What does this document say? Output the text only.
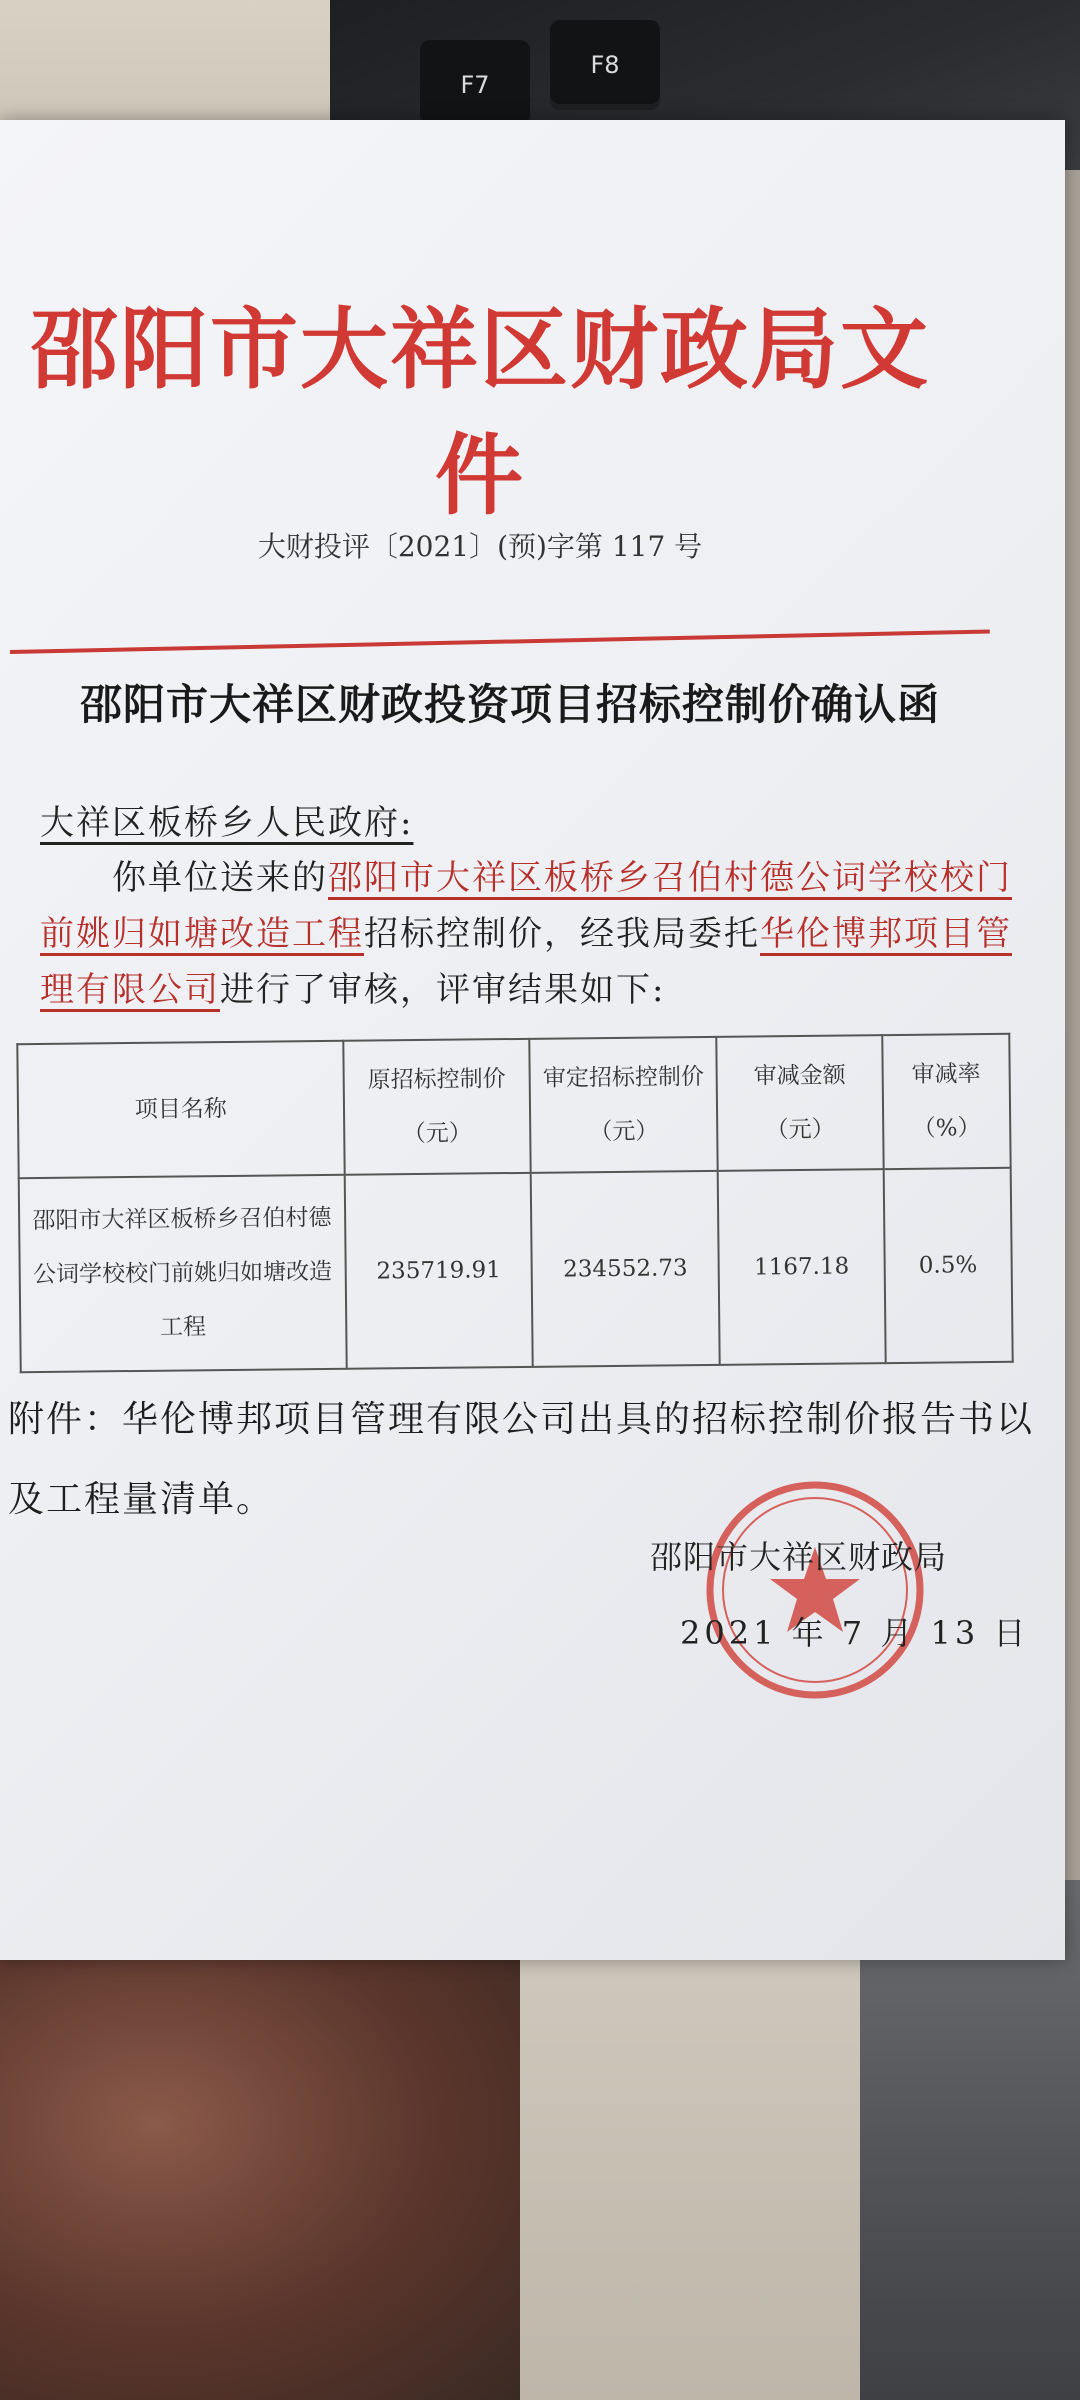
F7
F8
邵阳市大祥区财政局文件
大财投评〔2021〕(预)字第 117 号
邵阳市大祥区财政投资项目招标控制价确认函
大祥区板桥乡人民政府:
你单位送来的邵阳市大祥区板桥乡召伯村德公词学校校门前姚归如塘改造工程招标控制价，经我局委托华伦博邦项目管理有限公司进行了审核，评审结果如下:
项目名称	原招标控制价（元）	审定招标控制价（元）	审减金额（元）	审减率（%）
邵阳市大祥区板桥乡召伯村德公词学校校门前姚归如塘改造工程	235719.91	234552.73	1167.18	0.5%
附件：华伦博邦项目管理有限公司出具的招标控制价报告书以及工程量清单。
邵阳市大祥区财政局
2021 年 7 月 13 日
